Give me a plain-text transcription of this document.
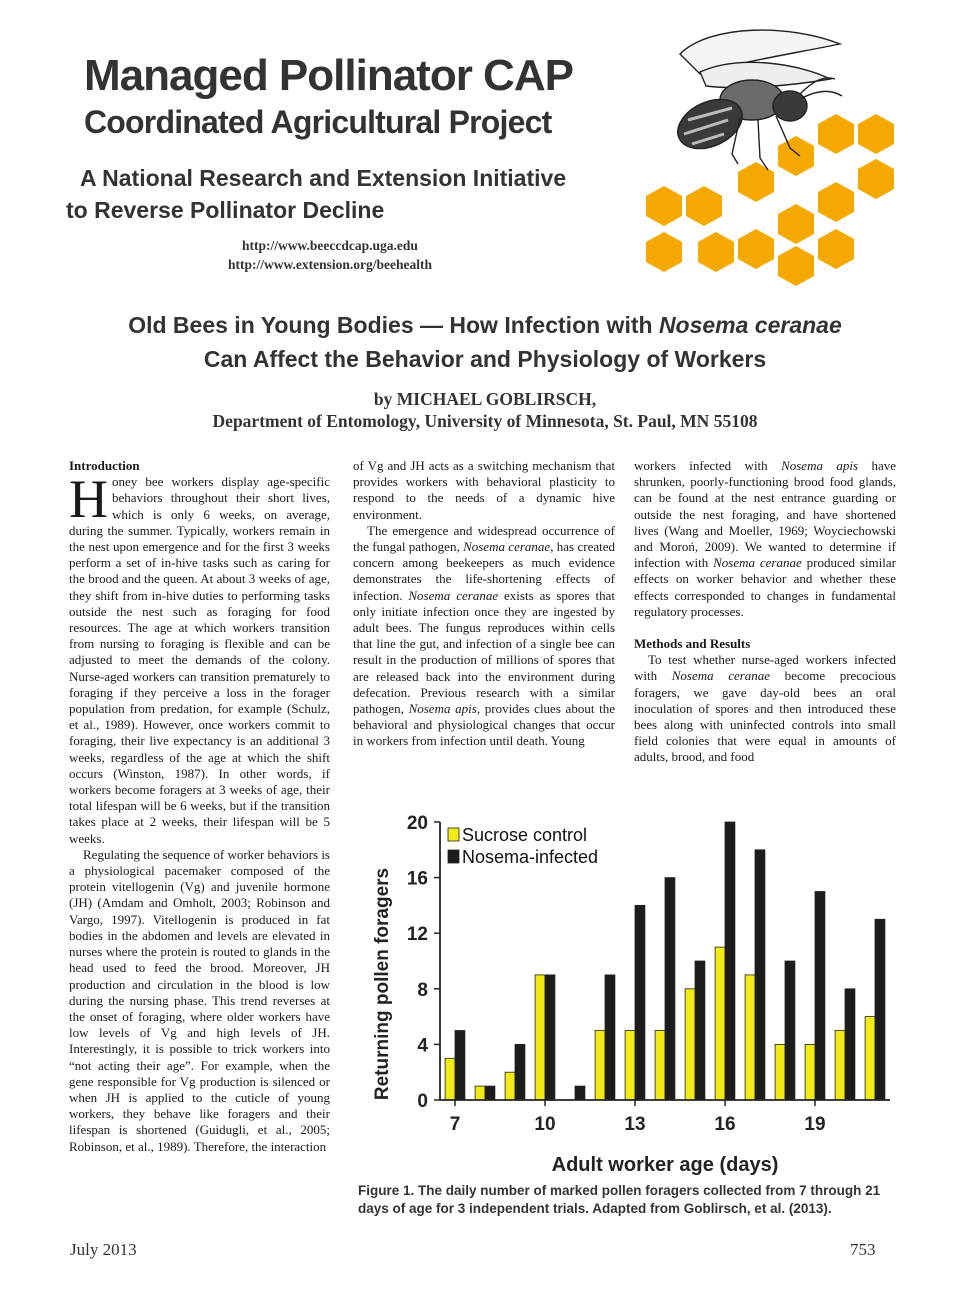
Managed Pollinator CAP
Coordinated Agricultural Project
A National Research and Extension Initiative
to Reverse Pollinator Decline
http://www.beeccdcap.uga.edu
http://www.extension.org/beehealth
Old Bees in Young Bodies — How Infection with Nosema ceranae
Can Affect the Behavior and Physiology of Workers
by MICHAEL GOBLIRSCH,
Department of Entomology, University of Minnesota, St. Paul, MN 55108
Introduction

Honey bee workers display age-specific behaviors throughout their short lives, which is only 6 weeks, on average, during the summer. Typically, workers remain in the nest upon emergence and for the first 3 weeks perform a set of in-hive tasks such as caring for the brood and the queen. At about 3 weeks of age, they shift from in-hive duties to performing tasks outside the nest such as foraging for food resources. The age at which workers transition from nursing to foraging is flexible and can be adjusted to meet the demands of the colony. Nurse-aged workers can transition prematurely to foraging if they perceive a loss in the forager population from predation, for example (Schulz, et al., 1989). However, once workers commit to foraging, their live expectancy is an additional 3 weeks, regardless of the age at which the shift occurs (Winston, 1987). In other words, if workers become foragers at 3 weeks of age, their total lifespan will be 6 weeks, but if the transition takes place at 2 weeks, their lifespan will be 5 weeks.

Regulating the sequence of worker behaviors is a physiological pacemaker composed of the protein vitellogenin (Vg) and juvenile hormone (JH) (Amdam and Omholt, 2003; Robinson and Vargo, 1997). Vitellogenin is produced in fat bodies in the abdomen and levels are elevated in nurses where the protein is routed to glands in the head used to feed the brood. Moreover, JH production and circulation in the blood is low during the nursing phase. This trend reverses at the onset of foraging, where older workers have low levels of Vg and high levels of JH. Interestingly, it is possible to trick workers into “not acting their age”. For example, when the gene responsible for Vg production is silenced or when JH is applied to the cuticle of young workers, they behave like foragers and their lifespan is shortened (Guidugli, et al., 2005; Robinson, et al., 1989). Therefore, the interaction

of Vg and JH acts as a switching mechanism that provides workers with behavioral plasticity to respond to the needs of a dynamic hive environment.

The emergence and widespread occurrence of the fungal pathogen, Nosema ceranae, has created concern among beekeepers as much evidence demonstrates the life-shortening effects of infection. Nosema ceranae exists as spores that only initiate infection once they are ingested by adult bees. The fungus reproduces within cells that line the gut, and infection of a single bee can result in the production of millions of spores that are released back into the environment during defecation. Previous research with a similar pathogen, Nosema apis, provides clues about the behavioral and physiological changes that occur in workers from infection until death. Young

workers infected with Nosema apis have shrunken, poorly-functioning brood food glands, can be found at the nest entrance guarding or outside the nest foraging, and have shortened lives (Wang and Moeller, 1969; Woyciechowski and Moroń, 2009). We wanted to determine if infection with Nosema ceranae produced similar effects on worker behavior and whether these effects corresponded to changes in fundamental regulatory processes.

Methods and Results

To test whether nurse-aged workers infected with Nosema ceranae become precocious foragers, we gave day-old bees an oral inoculation of spores and then introduced these bees along with uninfected controls into small field colonies that were equal in amounts of adults, brood, and food

0
4
8
12
16
20
7	10	13	16	19
Sucrose control
Nosema-infected
Returning pollen foragers
Adult worker age (days)
Figure 1. The daily number of marked pollen foragers collected from 7 through 21 days of age for 3 independent trials. Adapted from Goblirsch, et al. (2013).
July 2013	753
